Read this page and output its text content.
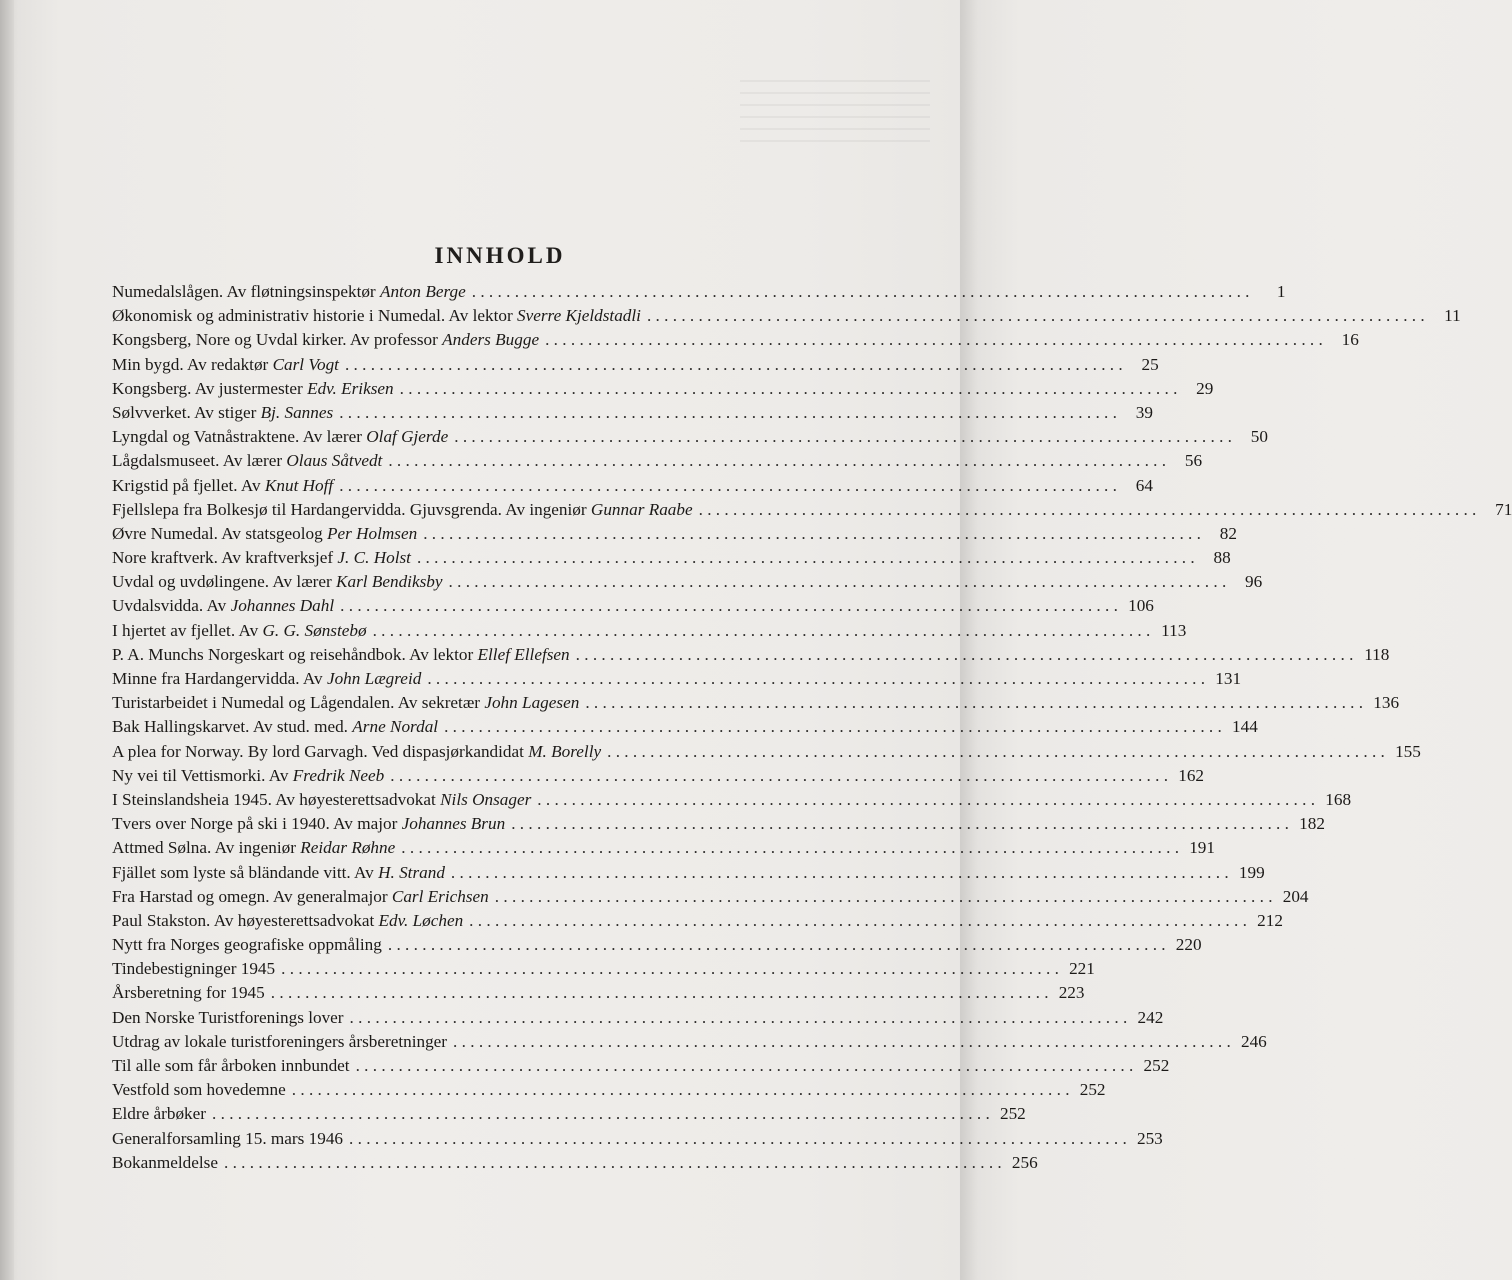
INNHOLD
Numedalslågen. Av fløtningsinspektør Anton Berge . . .	1
Økonomisk og administrativ historie i Numedal. Av lektor Sverre Kjeldstadli . . .	11
Kongsberg, Nore og Uvdal kirker. Av professor Anders Bugge . . .	16
Min bygd. Av redaktør Carl Vogt . . .	25
Kongsberg. Av justermester Edv. Eriksen . . .	29
Sølvverket. Av stiger Bj. Sannes . . .	39
Lyngdal og Vatnåstraktene. Av lærer Olaf Gjerde . . .	50
Lågdalsmuseet. Av lærer Olaus Såtvedt . . .	56
Krigstid på fjellet. Av Knut Hoff . . .	64
Fjellslepa fra Bolkesjø til Hardangervidda. Gjuvsgrenda. Av ingeniør Gunnar Raabe . . .	71
Øvre Numedal. Av statsgeolog Per Holmsen . . .	82
Nore kraftverk. Av kraftverksjef J. C. Holst . . .	88
Uvdal og uvdølingene. Av lærer Karl Bendiksby . . .	96
Uvdalsvidda. Av Johannes Dahl . . .	106
I hjertet av fjellet. Av G. G. Sønstebø . . .	113
P. A. Munchs Norgeskart og reisehåndbok. Av lektor Ellef Ellefsen . . .	118
Minne fra Hardangervidda. Av John Lægreid . . .	131
Turistarbeidet i Numedal og Lågendalen. Av sekretær John Lagesen . . .	136
Bak Hallingskarvet. Av stud. med. Arne Nordal . . .	144
A plea for Norway. By lord Garvagh. Ved dispasjørkandidat M. Borelly . . .	155
Ny vei til Vettismorki. Av Fredrik Neeb . . .	162
I Steinslandsheia 1945. Av høyesterettsadvokat Nils Onsager . . .	168
Tvers over Norge på ski i 1940. Av major Johannes Brun . . .	182
Attmed Sølna. Av ingeniør Reidar Røhne . . .	191
Fjället som lyste så bländande vitt. Av H. Strand . . .	199
Fra Harstad og omegn. Av generalmajor Carl Erichsen . . .	204
Paul Stakston. Av høyesterettsadvokat Edv. Løchen . . .	212
Nytt fra Norges geografiske oppmåling . . .	220
Tindebestigninger 1945 . . .	221
Årsberetning for 1945 . . .	223
Den Norske Turistforenings lover . . .	242
Utdrag av lokale turistforeningers årsberetninger . . .	246
Til alle som får årboken innbundet . . .	252
Vestfold som hovedemne . . .	252
Eldre årbøker . . .	252
Generalforsamling 15. mars 1946 . . .	253
Bokanmeldelse . . .	256
